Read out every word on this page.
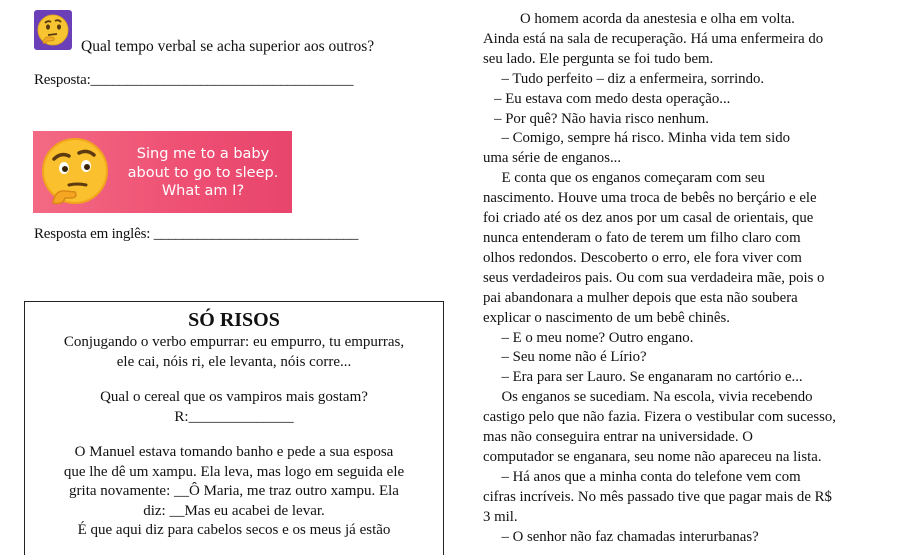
Qual tempo verbal se acha superior aos outros?
Resposta:____________________________________
Sing me to a baby
about to go to sleep.
What am I?
Resposta em inglês: ____________________________
SÓ RISOS

Conjugando o verbo empurrar: eu empurro, tu empurras,

ele cai, nóis ri, ele levanta, nóis corre...

Qual o cereal que os vampiros mais gostam?

R:______________

O Manuel estava tomando banho e pede a sua esposa

que lhe dê um xampu. Ela leva, mas logo em seguida ele

grita novamente: __Ô Maria, me traz outro xampu. Ela

diz: __Mas eu acabei de levar.

É que aqui diz para cabelos secos e os meus já estão

O homem acorda da anestesia e olha em volta.

Ainda está na sala de recuperação. Há uma enfermeira do

seu lado. Ele pergunta se foi tudo bem.

– Tudo perfeito – diz a enfermeira, sorrindo.

– Eu estava com medo desta operação...

– Por quê? Não havia risco nenhum.

– Comigo, sempre há risco. Minha vida tem sido

uma série de enganos...

E conta que os enganos começaram com seu

nascimento. Houve uma troca de bebês no berçário e ele

foi criado até os dez anos por um casal de orientais, que

nunca entenderam o fato de terem um filho claro com

olhos redondos. Descoberto o erro, ele fora viver com

seus verdadeiros pais. Ou com sua verdadeira mãe, pois o

pai abandonara a mulher depois que esta não soubera

explicar o nascimento de um bebê chinês.

– E o meu nome? Outro engano.

– Seu nome não é Lírio?

– Era para ser Lauro. Se enganaram no cartório e...

Os enganos se sucediam. Na escola, vivia recebendo

castigo pelo que não fazia. Fizera o vestibular com sucesso,

mas não conseguira entrar na universidade. O

computador se enganara, seu nome não apareceu na lista.

– Há anos que a minha conta do telefone vem com

cifras incríveis. No mês passado tive que pagar mais de R$

3 mil.

– O senhor não faz chamadas interurbanas?
